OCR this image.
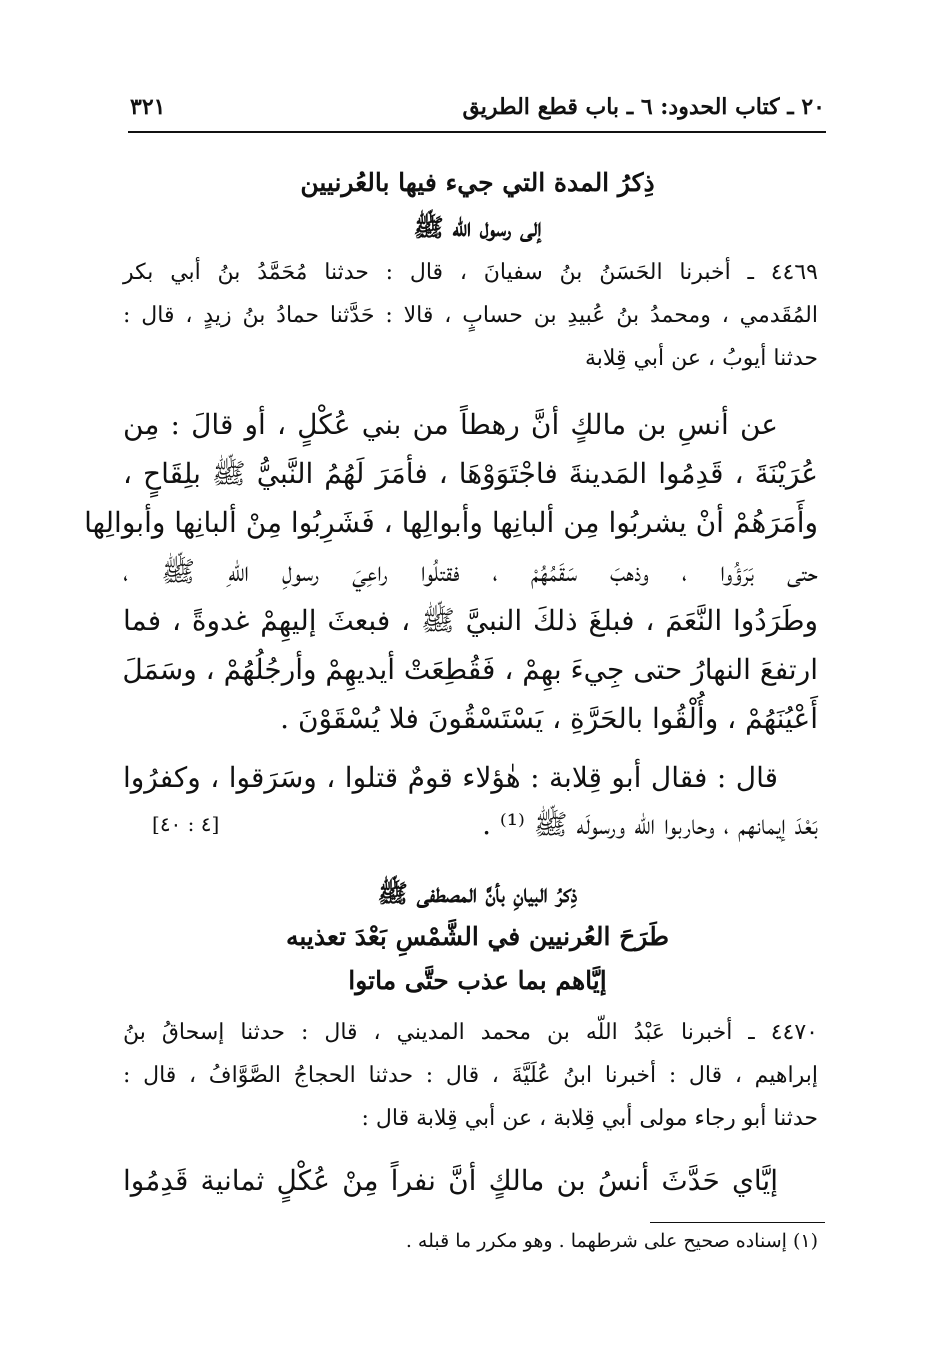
٢٠ ـ كتاب الحدود: ٦ ـ باب قطع الطريق
٣٢١
ذِكرُ المدة التي جيء فيها بالعُرنيين
إلى رسول اللّه ﷺ
٤٤٦٩ ـ أخبرنا الحَسَنُ بنُ سفيانَ ، قال : حدثنا مُحَمَّدُ بنُ أبي بكر
المُقَدمي ، ومحمدُ بنُ عُبيدِ بن حسابٍ ، قالا : حَدَّثنا حمادُ بنُ زيدٍ ، قال :
حدثنا أيوبُ ، عن أبي قِلابة
عن أنسِ بن مالكٍ أنَّ رهطاً من بني عُكْلٍ ، أو قالَ : مِن
عُرَيْنَةَ ، قَدِمُوا المَدينةَ فاجْتَوَوْهَا ، فأمَرَ لَهُمُ النَّبيُّ ﷺ بلِقَاحٍ ،
وأَمَرَهُمْ أنْ يشربُوا مِن ألبانِها وأبوالِها ، فَشَرِبُوا مِنْ ألبانِها وأبوالِها
حتى بَرَؤُوا ، وذهبَ سَقَمُهُمْ ، فقتلُوا راعِيَ رسولِ اللّهِ ﷺ ،
وطَرَدُوا النَّعَمَ ، فبلغَ ذلكَ النبيَّ ﷺ ، فبعثَ إليهِمْ غدوةً ، فما
ارتفعَ النهارُ حتى جِيءَ بهِمْ ، فَقُطِعَتْ أيديهِمْ وأرجُلُهُمْ ، وسَمَلَ
أَعْيُنَهُمْ ، وأُلْقُوا بالحَرَّةِ ، يَسْتَسْقُونَ فلا يُسْقَوْنَ .
قال : فقال أبو قِلابة : هٰؤلاء قومٌ قتلوا ، وسَرَقوا ، وكفرُوا
بَعْدَ إيمانهم ، وحاربوا اللّه ورسولَه ﷺ ⁽¹⁾ .
[٤ : ٤٠]
ذِكرُ البيانِ بأنَّ المصطفى ﷺ
طَرَحَ العُرنيين في الشَّمْسِ بَعْدَ تعذيبه
إيَّاهم بما عذب حتَّى ماتوا
٤٤٧٠ ـ أخبرنا عَبْدُ اللّه بن محمد المديني ، قال : حدثنا إسحاقُ بنُ
إبراهيم ، قال : أخبرنا ابنُ عُلَيَّةَ ، قال : حدثنا الحجاجُ الصَّوَّافُ ، قال :
حدثنا أبو رجاء مولى أبي قِلابة ، عن أبي قِلابة قال :
إيَّاي حَدَّثَ أنسُ بن مالكٍ أنَّ نفراً مِنْ عُكْلٍ ثمانية قَدِمُوا
(١) إسناده صحيح على شرطهما . وهو مكرر ما قبله .
